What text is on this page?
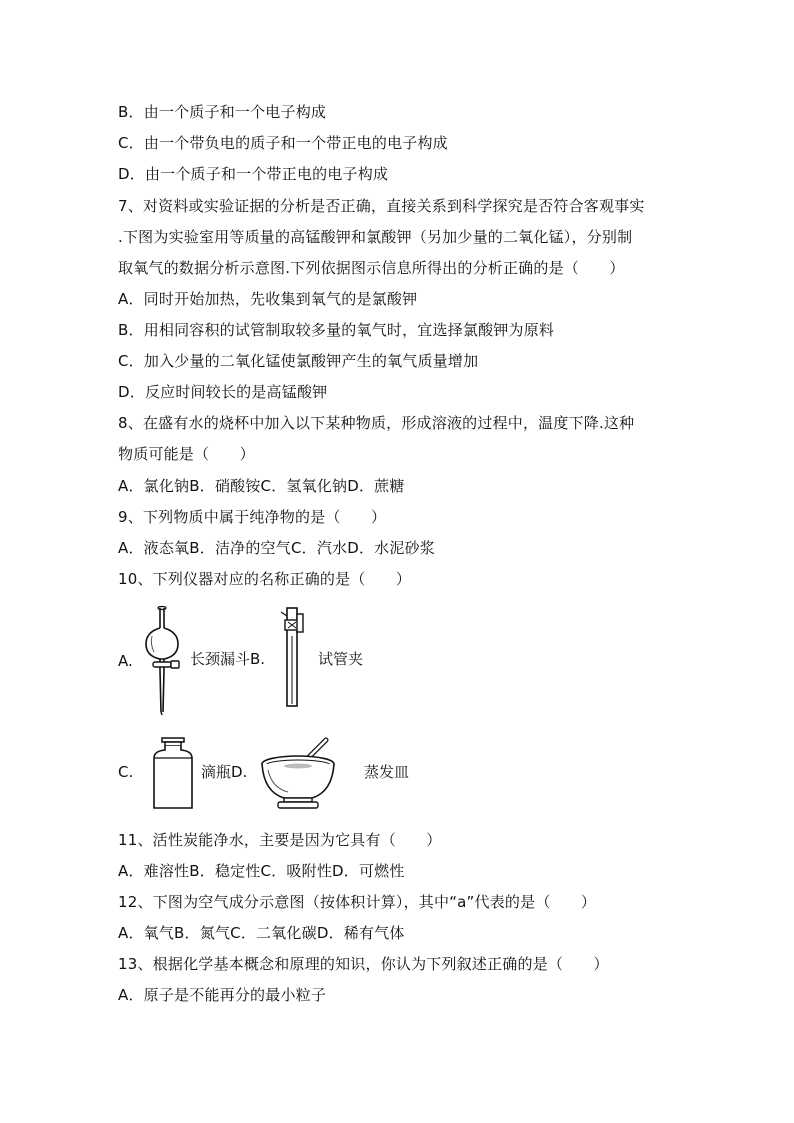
B．由一个质子和一个电子构成
C．由一个带负电的质子和一个带正电的电子构成
D．由一个质子和一个带正电的电子构成
7、对资料或实验证据的分析是否正确，直接关系到科学探究是否符合客观事实
.下图为实验室用等质量的高锰酸钾和氯酸钾（另加少量的二氧化锰），分别制
取氧气的数据分析示意图.下列依据图示信息所得出的分析正确的是（　　）
A．同时开始加热，先收集到氧气的是氯酸钾
B．用相同容积的试管制取较多量的氧气时，宜选择氯酸钾为原料
C．加入少量的二氧化锰使氯酸钾产生的氧气质量增加
D．反应时间较长的是高锰酸钾
8、在盛有水的烧杯中加入以下某种物质，形成溶液的过程中，温度下降.这种
物质可能是（　　）
A．氯化钠B．硝酸铵C．氢氧化钠D．蔗糖
9、下列物质中属于纯净物的是（　　）
A．液态氧B．洁净的空气C．汽水D．水泥砂浆
10、下列仪器对应的名称正确的是（　　）
A.	长颈漏斗B.	试管夹
C.	滴瓶D.	蒸发皿
11、活性炭能净水，主要是因为它具有（　　）
A．难溶性B．稳定性C．吸附性D．可燃性
12、下图为空气成分示意图（按体积计算），其中“a”代表的是（　　）
A．氧气B．氮气C．二氧化碳D．稀有气体
13、根据化学基本概念和原理的知识，你认为下列叙述正确的是（　　）
A．原子是不能再分的最小粒子
